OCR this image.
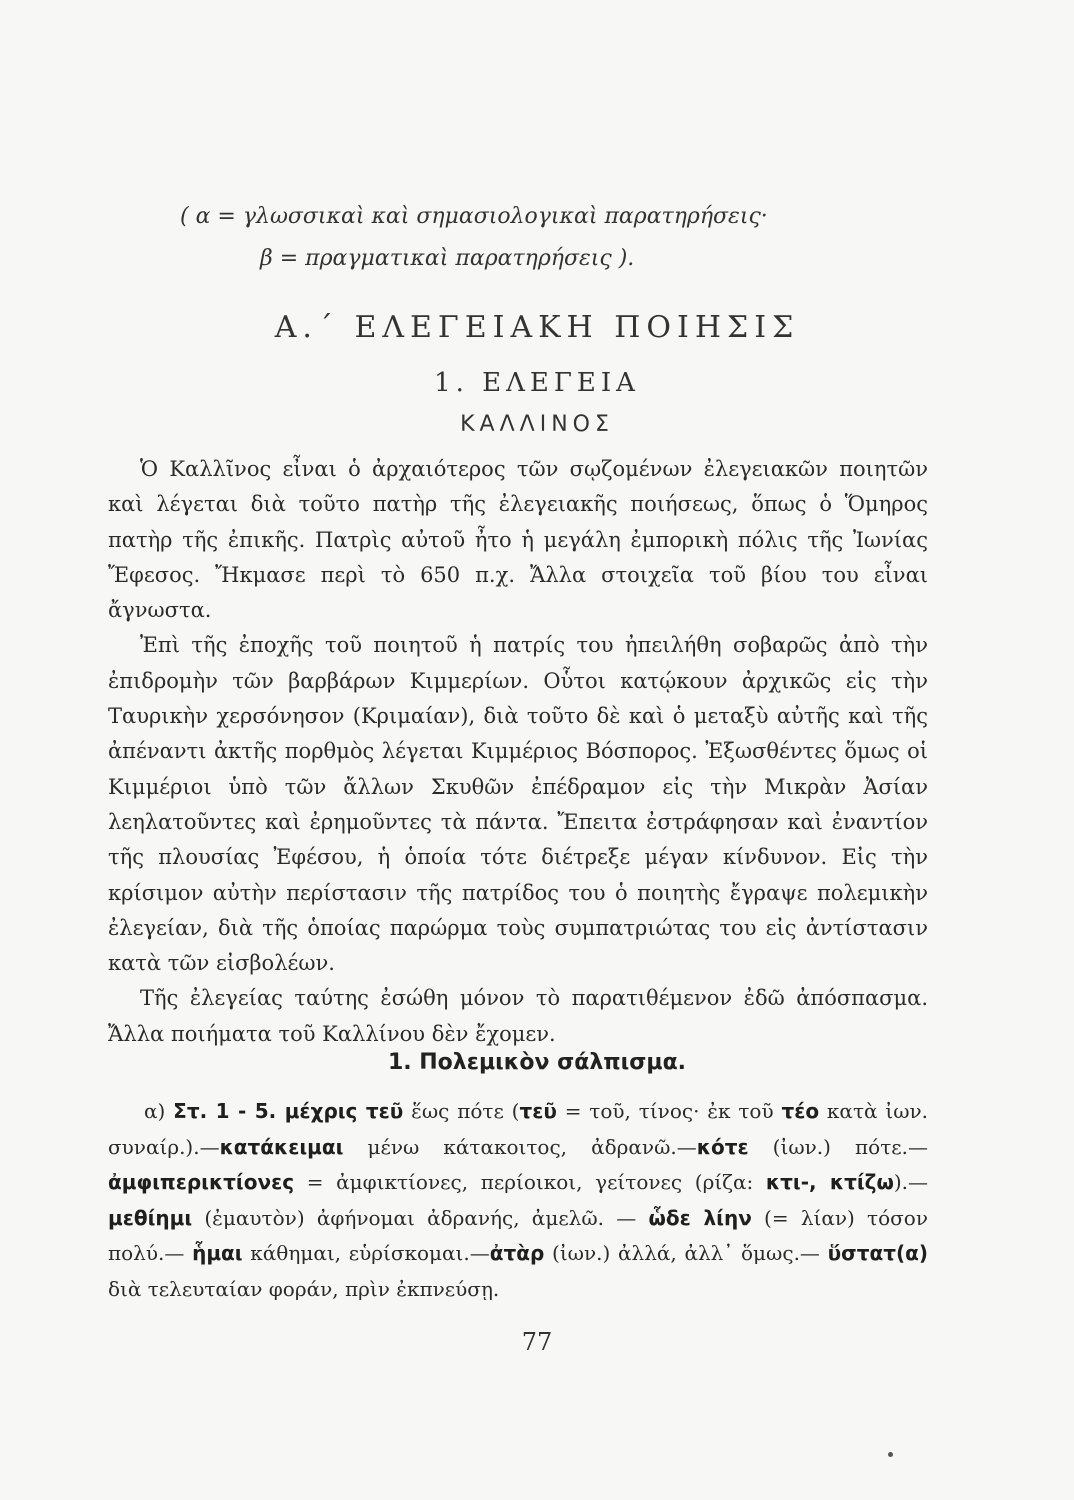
( α = γλωσσικαὶ καὶ σημασιολογικαὶ παρατηρήσεις·
β = πραγματικαὶ παρατηρήσεις ).
Α.΄ ΕΛΕΓΕΙΑΚΗ ΠΟΙΗΣΙΣ
1. ΕΛΕΓΕΙΑ
ΚΑΛΛΙΝΟΣ

Ὁ Καλλῖνος εἶναι ὁ ἀρχαιότερος τῶν σῳζομένων ἐλεγειακῶν ποιητῶν καὶ λέγεται διὰ τοῦτο πατὴρ τῆς ἐλεγειακῆς ποιήσεως, ὅπως ὁ Ὅμηρος πατὴρ τῆς ἐπικῆς. Πατρὶς αὐτοῦ ἦτο ἡ μεγάλη ἐμπορικὴ πόλις τῆς Ἰωνίας Ἔφεσος. Ἤκμασε περὶ τὸ 650 π.χ. Ἄλλα στοιχεῖα τοῦ βίου του εἶναι ἄγνωστα.

Ἐπὶ τῆς ἐποχῆς τοῦ ποιητοῦ ἡ πατρίς του ἠπειλήθη σοβαρῶς ἀπὸ τὴν ἐπιδρομὴν τῶν βαρβάρων Κιμμερίων. Οὗτοι κατῴκουν ἀρχικῶς εἰς τὴν Ταυρικὴν χερσόνησον (Κριμαίαν), διὰ τοῦτο δὲ καὶ ὁ μεταξὺ αὐτῆς καὶ τῆς ἀπέναντι ἀκτῆς πορθμὸς λέγεται Κιμμέριος Βόσπορος. Ἐξωσθέντες ὅμως οἱ Κιμμέριοι ὑπὸ τῶν ἄλλων Σκυθῶν ἐπέδραμον εἰς τὴν Μικρὰν Ἀσίαν λεηλατοῦντες καὶ ἐρημοῦντες τὰ πάντα. Ἔπειτα ἐστράφησαν καὶ ἐναντίον τῆς πλουσίας Ἐφέσου, ἡ ὁποία τότε διέτρεξε μέγαν κίνδυνον. Εἰς τὴν κρίσιμον αὐτὴν περίστασιν τῆς πατρίδος του ὁ ποιητὴς ἔγραψε πολεμικὴν ἐλεγείαν, διὰ τῆς ὁποίας παρώρμα τοὺς συμπατριώτας του εἰς ἀντίστασιν κατὰ τῶν εἰσβολέων.

Τῆς ἐλεγείας ταύτης ἐσώθη μόνον τὸ παρατιθέμενον ἐδῶ ἀπόσπασμα. Ἄλλα ποιήματα τοῦ Καλλίνου δὲν ἔχομεν.

1. Πολεμικὸν σάλπισμα.
α) Στ. 1 - 5. μέχρις τεῦ ἕως πότε (τεῦ = τοῦ, τίνος· ἐκ τοῦ τέο κατὰ ἰων. συναίρ.).—κατάκειμαι μένω κάτακοιτος, ἀδρανῶ.—κότε (ἰων.) πότε.— ἀμφιπερικτίονες = ἀμφικτίονες, περίοικοι, γείτονες (ρίζα: κτι-, κτίζω).— μεθίημι (ἐμαυτὸν) ἀφήνομαι ἀδρανής, ἀμελῶ. — ὧδε λίην (= λίαν) τόσον πολύ.— ἧμαι κάθημαι, εὑρίσκομαι.—ἀτὰρ (ἰων.) ἀλλά, ἀλλ᾽ ὅμως.— ὕστατ(α) διὰ τελευταίαν φοράν, πρὶν ἐκπνεύσῃ.
77
